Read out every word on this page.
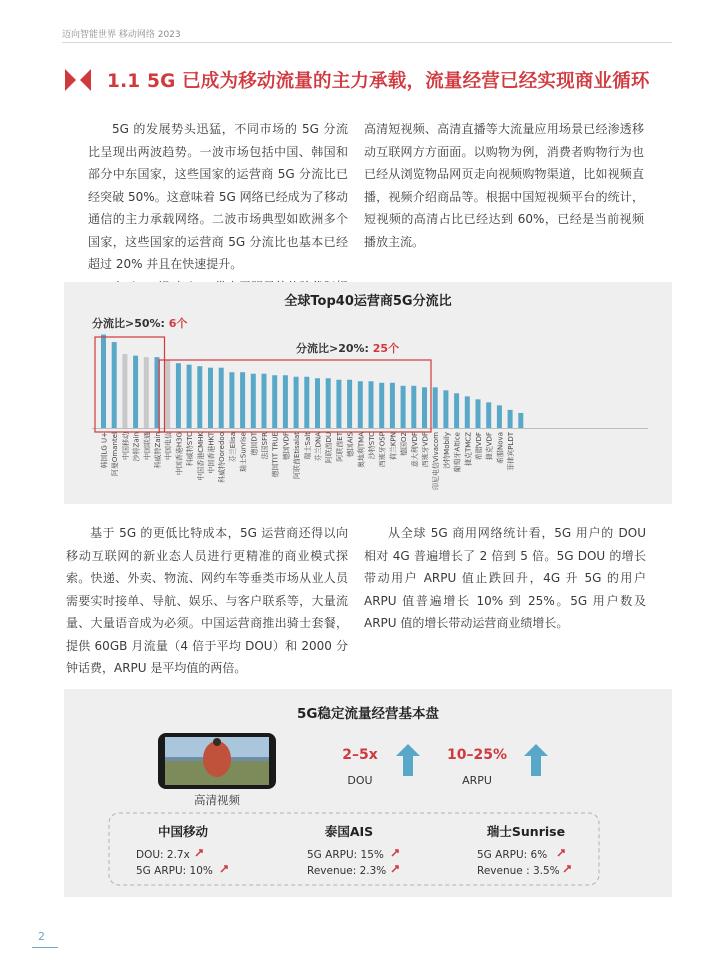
迈向智能世界 移动网络 2023
1.1 5G 已成为移动流量的主力承载，流量经营已经实现商业循环

5G 的发展势头迅猛，不同市场的 5G 分流比呈现出两波趋势。一波市场包括中国、韩国和部分中东国家，这些国家的运营商 5G 分流比已经突破 50%。这意味着 5G 网络已经成为了移动通信的主力承载网络。二波市场典型如欧洲多个国家，这些国家的运营商 5G 分流比也基本已经超过 20% 并且在快速提升。

高清短视频、高清直播等大流量应用场景已经渗透移动互联网方方面面。以购物为例，消费者购物行为也已经从浏览物品网页走向视频购物渠道，比如视频直播，视频介绍商品等。根据中国短视频平台的统计，短视频的高清占比已经达到 60%，已经是当前视频播放主流。

全球Top40运营商5G分流比
韩国LG U+ 阿曼Omantel 中国移动 沙特Zain 中国联通 科威特Zain 中国电信 中国香港H3G 科威特STC 中国香港CMHK 中国香港HKT 科威特Ooredoo 芬兰Elisa 瑞士Sunrise 德国DT 法国SFR 德国TIT TRUE 德国VDF 阿联酋Etisalat 瑞士Salt 芬兰DNA 阿联酋DU 阿联酋ET 德国AIS 奥地利TMA 沙特STC 西班牙OSP 荷兰KPN 德国O2 意大利VDF 西班牙VDF 印尼电信Vivacom 沙特Mobily 葡萄牙Altice 捷克TMCZ 希腊VDF 捷克VDF 希腊Nova 菲律宾PLDT
分流比>50%: 6个
分流比>20%: 25个

基于 5G 的更低比特成本，5G 运营商还得以向移动互联网的新业态人员进行更精准的商业模式探索。快递、外卖、物流、网约车等垂类市场从业人员需要实时接单、导航、娱乐、与客户联系等，大量流量、大量语音成为必须。中国运营商推出骑士套餐，提供 60GB 月流量（4 倍于平均 DOU）和 2000 分钟话费，ARPU 是平均值的两倍。

从全球 5G 商用网络统计看，5G 用户的 DOU 相对 4G 普遍增长了 2 倍到 5 倍。5G DOU 的增长带动用户 ARPU 值止跌回升，4G 升 5G 的用户 ARPU 值普遍增长 10% 到 25%。5G 用户数及 ARPU 值的增长带动运营商业绩增长。

5G稳定流量经营基本盘
高清视频
2–5x
DOU
10–25%
ARPU
中国移动
DOU: 2.7x
5G ARPU: 10%
泰国AIS
5G ARPU: 15%
Revenue: 2.3%
瑞士Sunrise
5G ARPU: 6%
Revenue : 3.5%
2
